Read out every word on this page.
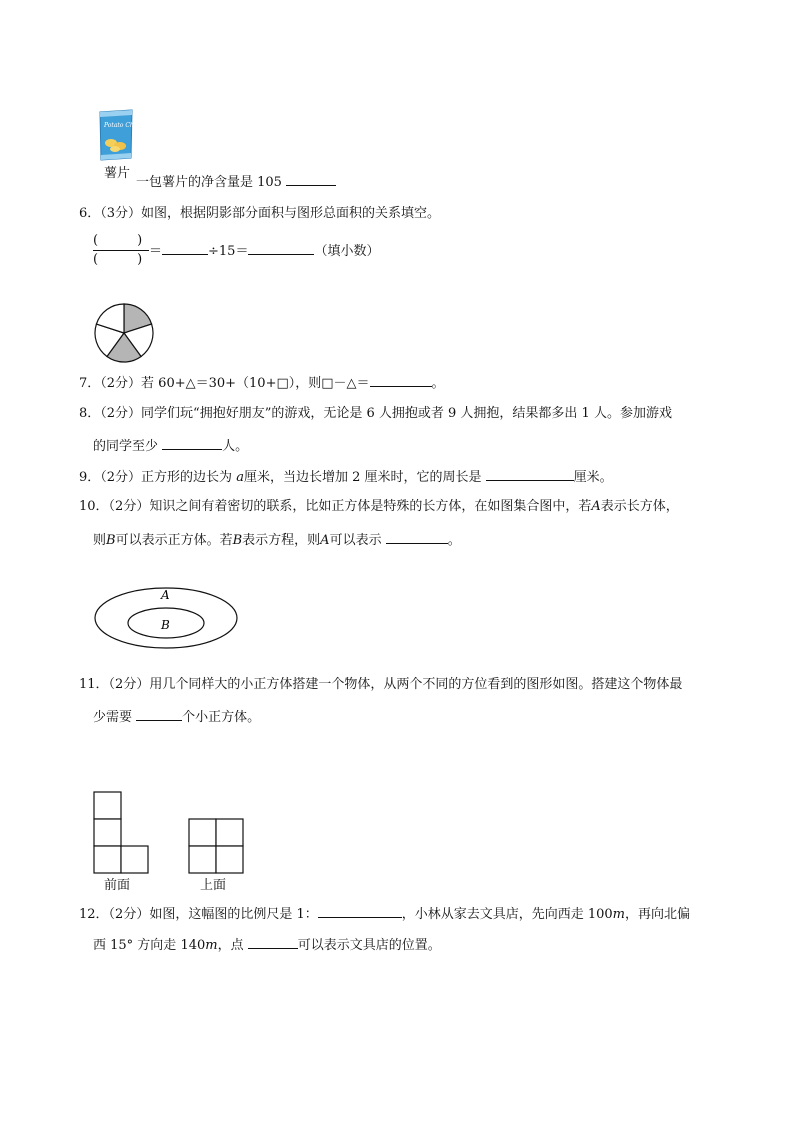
Potato Chips
薯片
一包薯片的净含量是 105
6．（3分）如图，根据阴影部分面积与图形总面积的关系填空。
(　　　)
(　　　)
＝	÷15＝	（填小数）
7．（2分）若 60+△＝30+（10+□），则□－△＝	。
8．（2分）同学们玩“拥抱好朋友”的游戏，无论是 6 人拥抱或者 9 人拥抱，结果都多出 1 人。参加游戏
的同学至少	人。
9．（2分）正方形的边长为 a厘米，当边长增加 2 厘米时，它的周长是	厘米。
10．（2分）知识之间有着密切的联系，比如正方体是特殊的长方体，在如图集合图中，若A表示长方体，
则B可以表示正方体。若B表示方程，则A可以表示	。
A
B
11．（2分）用几个同样大的小正方体搭建一个物体，从两个不同的方位看到的图形如图。搭建这个物体最
少需要	个小正方体。
前面	上面
12．（2分）如图，这幅图的比例尺是 1：	，小林从家去文具店，先向西走 100m，再向北偏
西 15° 方向走 140m，点	可以表示文具店的位置。
